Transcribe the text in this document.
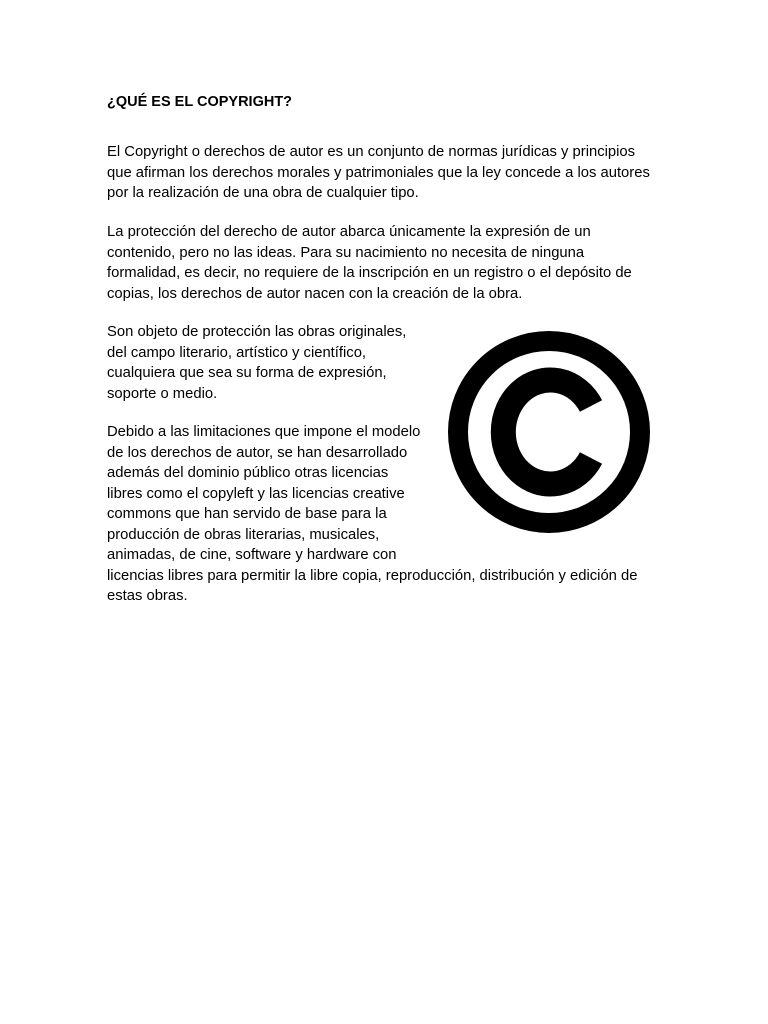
¿QUÉ ES EL COPYRIGHT?

El Copyright o derechos de autor es un conjunto de normas jurídicas y principios

que afirman los derechos morales y patrimoniales que la ley concede a los autores

por la realización de una obra de cualquier tipo.

La protección del derecho de autor abarca únicamente la expresión de un

contenido, pero no las ideas. Para su nacimiento no necesita de ninguna

formalidad, es decir, no requiere de la inscripción en un registro o el depósito de

copias, los derechos de autor nacen con la creación de la obra.

Son objeto de protección las obras originales,

del campo literario, artístico y científico,

cualquiera que sea su forma de expresión,

soporte o medio.

Debido a las limitaciones que impone el modelo

de los derechos de autor, se han desarrollado

además del dominio público otras licencias

libres como el copyleft y las licencias creative

commons que han servido de base para la

producción de obras literarias, musicales,

animadas, de cine, software y hardware con

licencias libres para permitir la libre copia, reproducción, distribución y edición de

estas obras.
